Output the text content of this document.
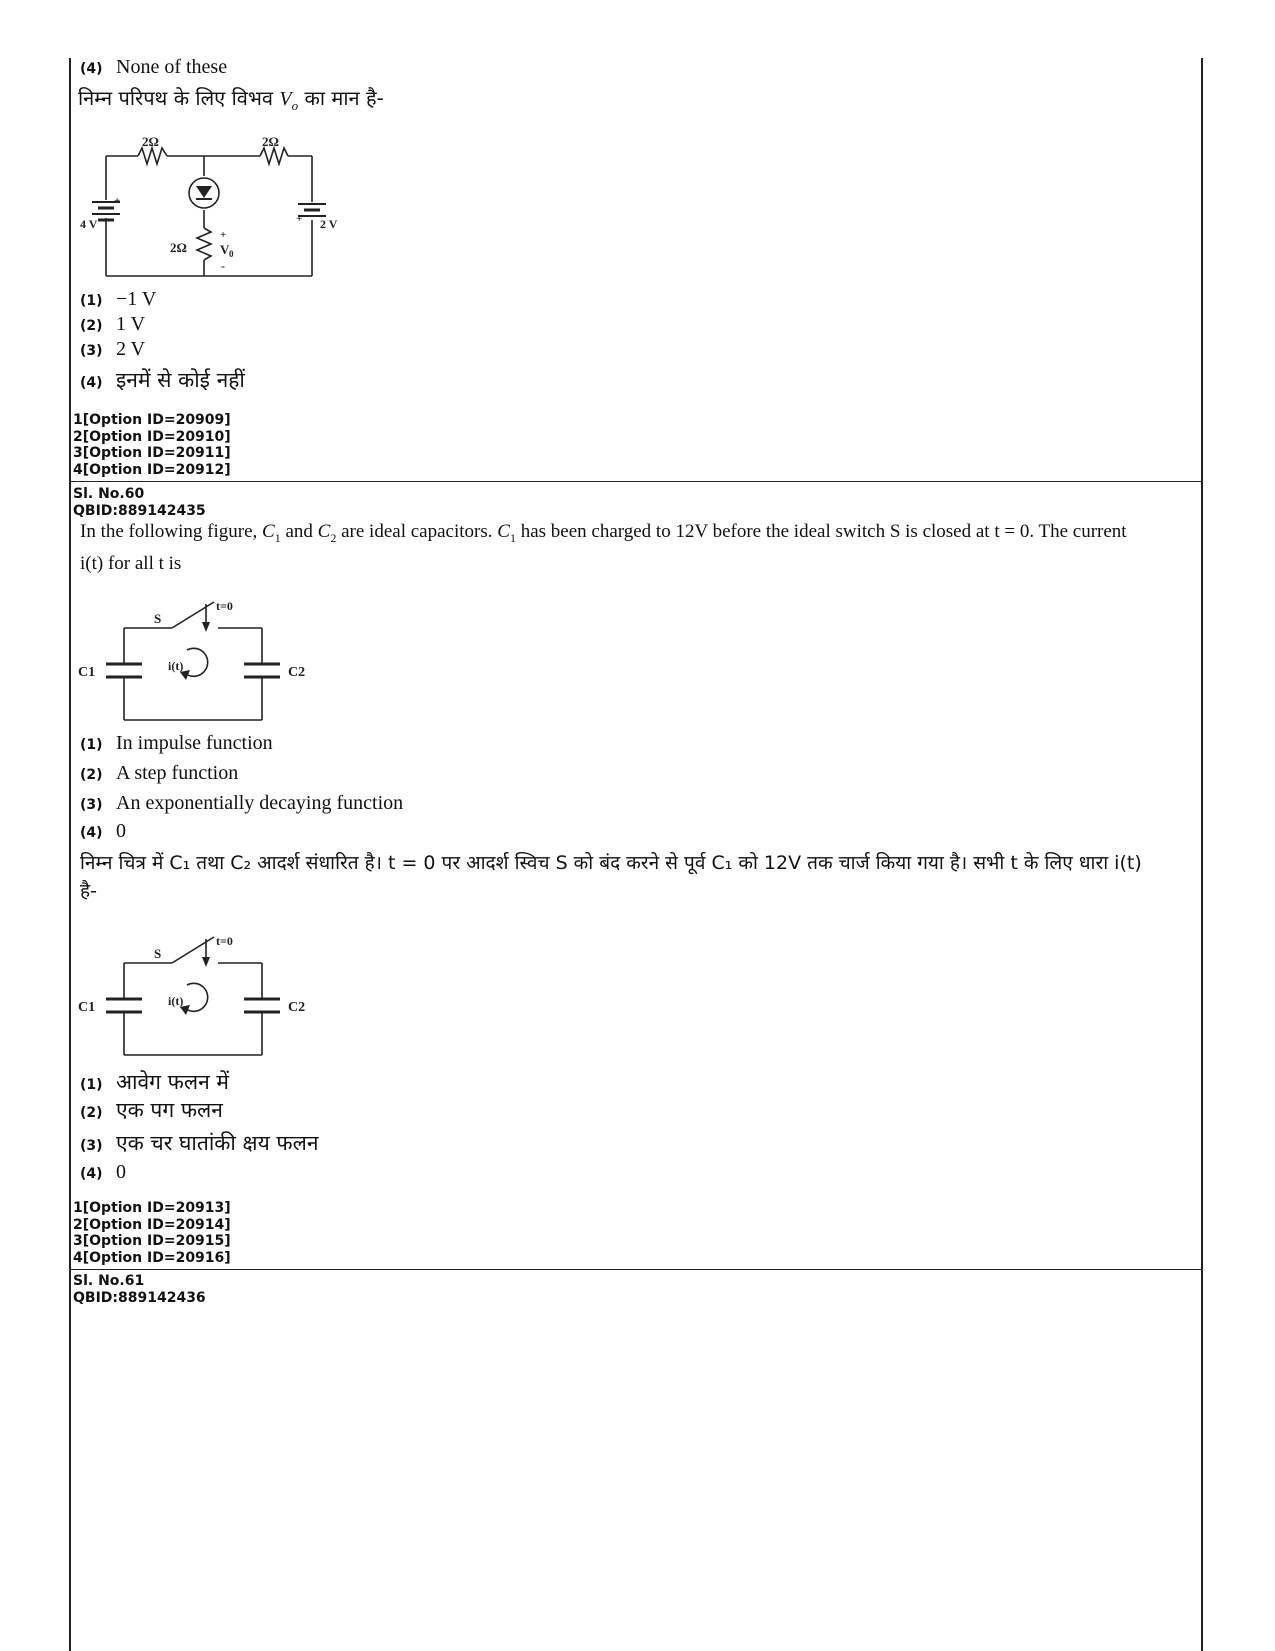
(4) None of these
निम्न परिपथ के लिए विभव $V_o$ का मान है-
2Ω	2Ω
2Ω
4 V	2 V
+
+
+
V 0
-
(1) −1 V
(2) 1 V
(3) 2 V
(4) इनमें से कोई नहीं
1[Option ID=20909]
2[Option ID=20910]
3[Option ID=20911]
4[Option ID=20912]
Sl. No.60
QBID:889142435
In the following figure, $C_1$ and $C_2$ are ideal capacitors. $C_1$ has been charged to 12V before the ideal switch S is closed at t = 0. The current
i(t) for all t is
S
t=0
i(t)
C1	C2
(1) In impulse function
(2) A step function
(3) An exponentially decaying function
(4) 0
निम्न चित्र में C₁ तथा C₂ आदर्श संधारित है। t = 0 पर आदर्श स्विच S को बंद करने से पूर्व C₁ को 12V तक चार्ज किया गया है। सभी t के लिए धारा i(t)
है-
S
t=0
i(t)
C1	C2
(1) आवेग फलन में
(2) एक पग फलन
(3) एक चर घातांकी क्षय फलन
(4) 0
1[Option ID=20913]
2[Option ID=20914]
3[Option ID=20915]
4[Option ID=20916]
Sl. No.61
QBID:889142436
